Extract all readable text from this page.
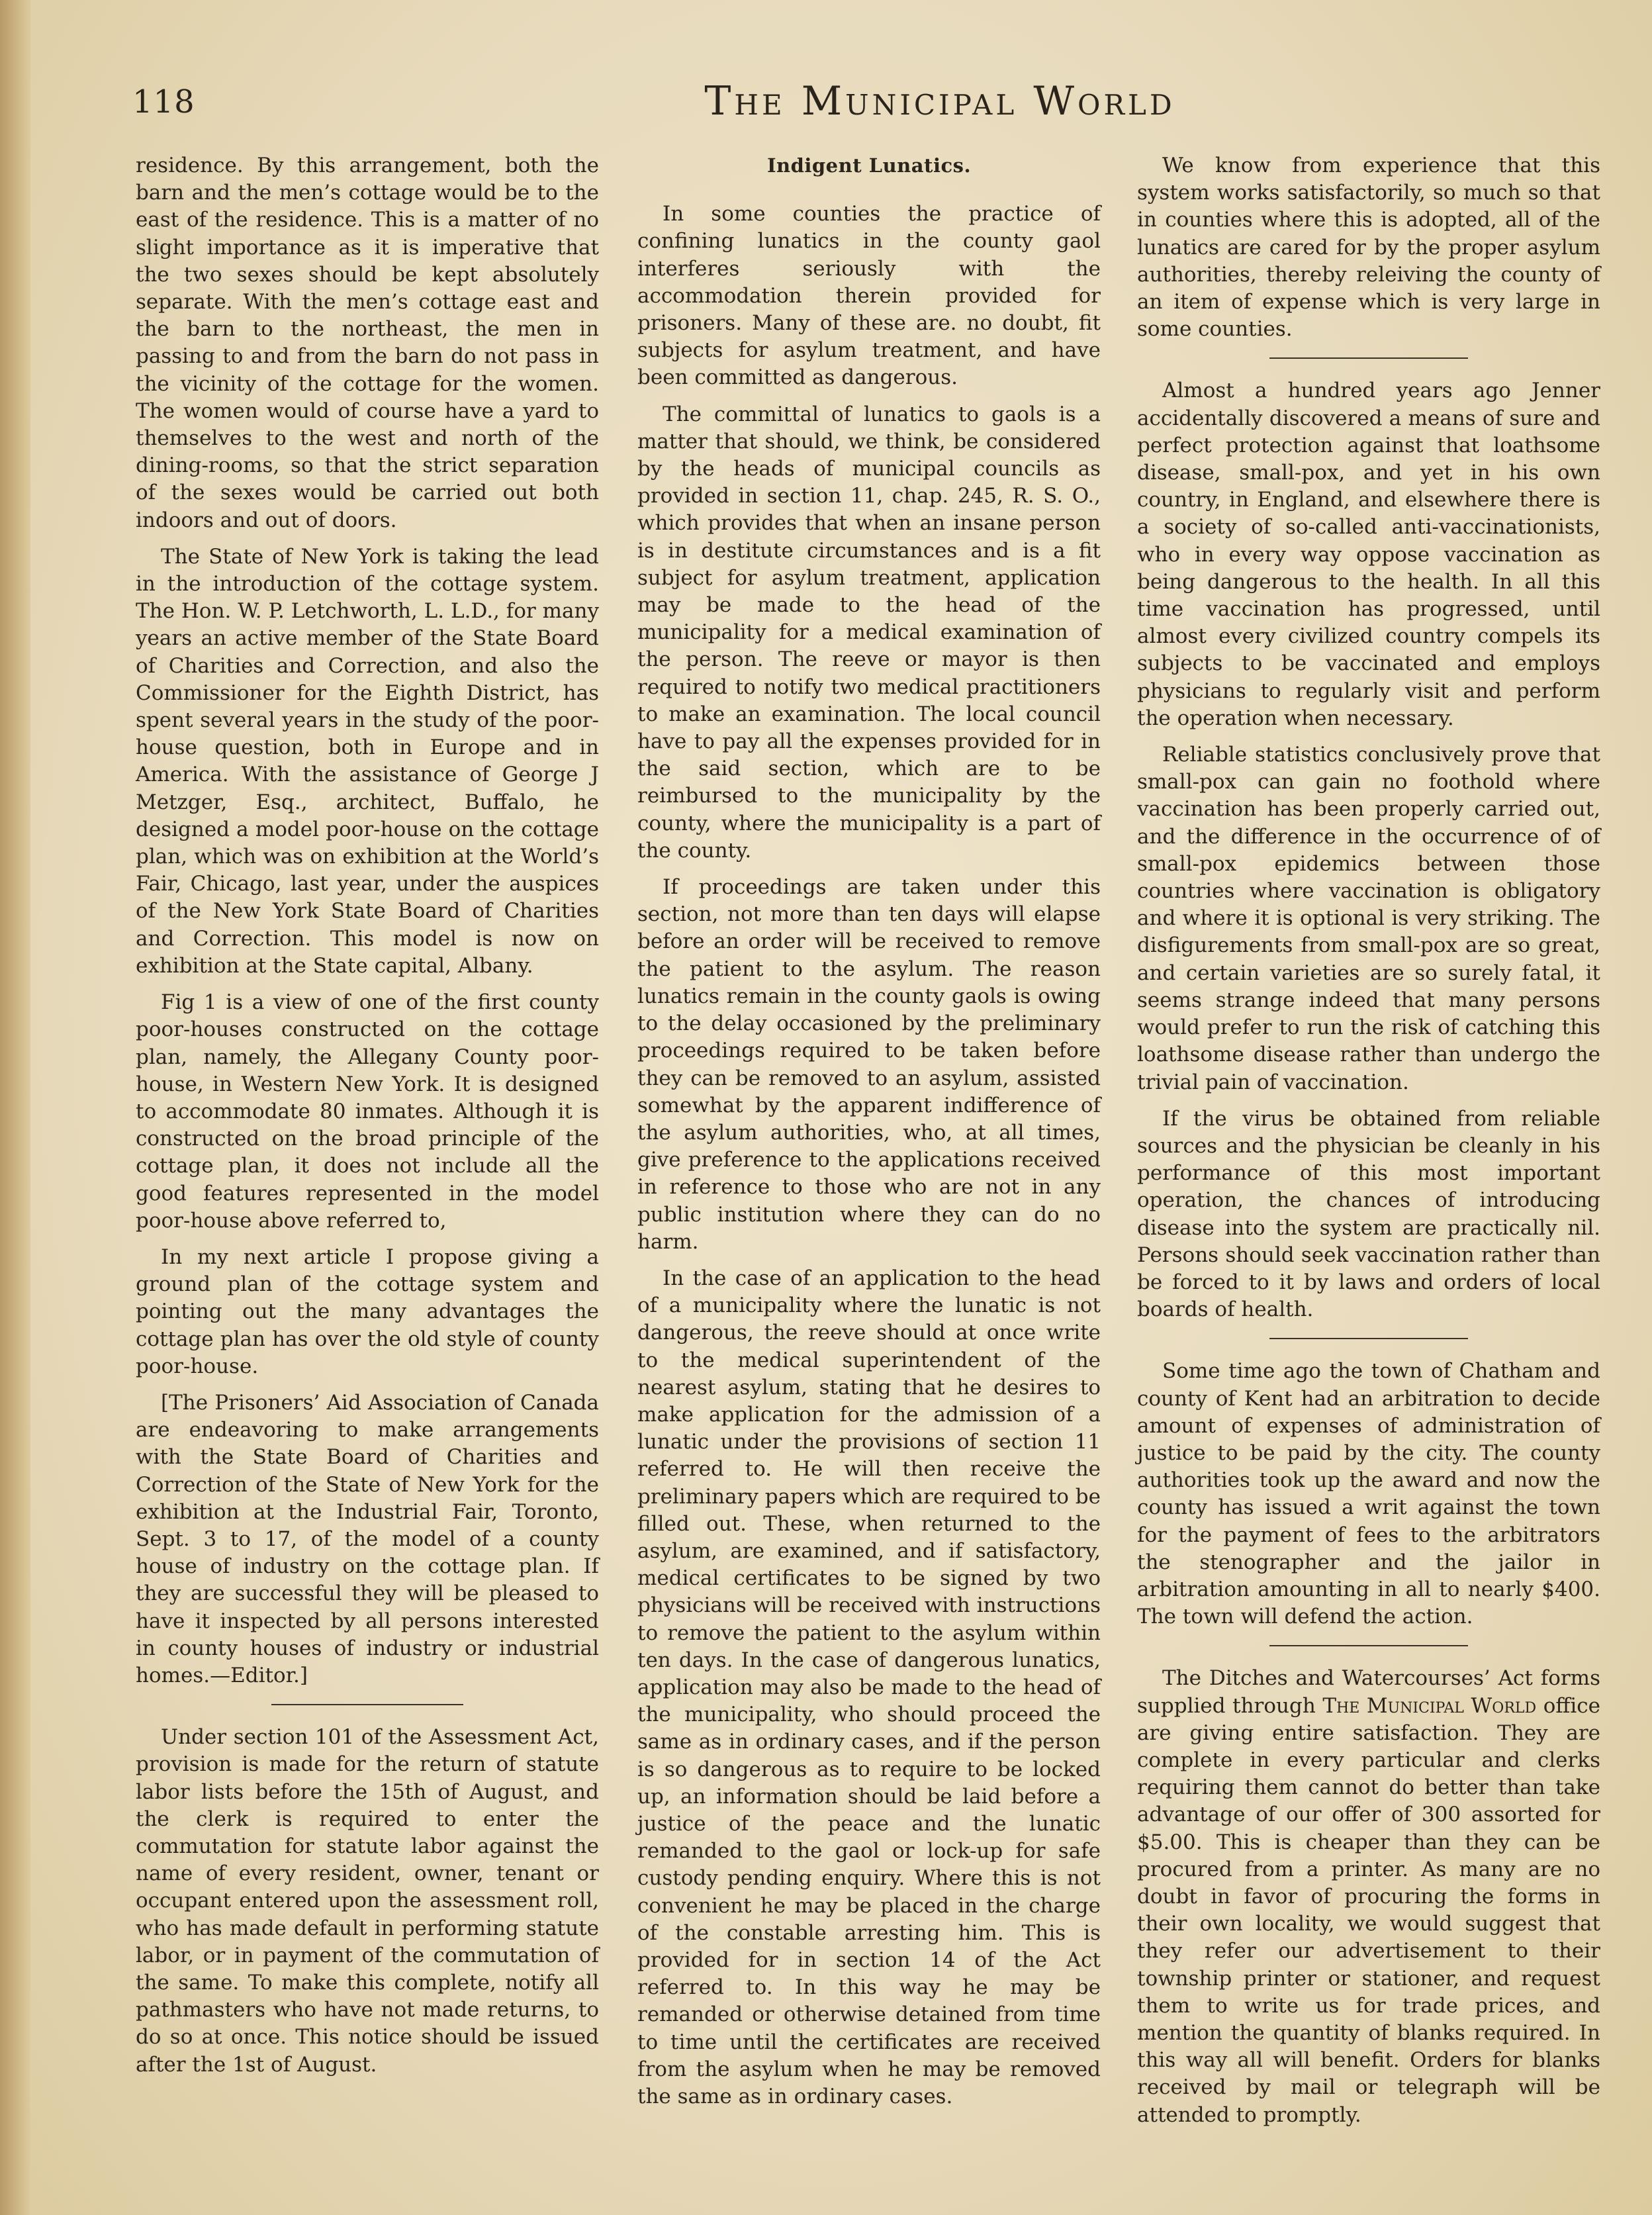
118	The Municipal World

residence. By this arrangement, both the barn and the men’s cottage would be to the east of the residence. This is a matter of no slight importance as it is imperative that the two sexes should be kept absolutely separate. With the men’s cottage east and the barn to the northeast, the men in passing to and from the barn do not pass in the vicinity of the cottage for the women. The women would of course have a yard to themselves to the west and north of the dining-rooms, so that the strict separation of the sexes would be carried out both indoors and out of doors.

The State of New York is taking the lead in the introduction of the cottage system. The Hon. W. P. Letchworth, L. L.D., for many years an active member of the State Board of Charities and Correction, and also the Commissioner for the Eighth District, has spent several years in the study of the poor-house question, both in Europe and in America. With the assistance of George J Metzger, Esq., architect, Buffalo, he designed a model poor-house on the cottage plan, which was on exhibition at the World’s Fair, Chicago, last year, under the auspices of the New York State Board of Charities and Correction. This model is now on exhibition at the State capital, Albany.

Fig 1 is a view of one of the first county poor-houses constructed on the cottage plan, namely, the Allegany County poor-house, in Western New York. It is designed to accommodate 80 inmates. Although it is constructed on the broad principle of the cottage plan, it does not include all the good features represented in the model poor-house above referred to,

In my next article I propose giving a ground plan of the cottage system and pointing out the many advantages the cottage plan has over the old style of county poor-house.

[The Prisoners’ Aid Association of Canada are endeavoring to make arrangements with the State Board of Charities and Correction of the State of New York for the exhibition at the Industrial Fair, Toronto, Sept. 3 to 17, of the model of a county house of industry on the cottage plan. If they are successful they will be pleased to have it inspected by all persons interested in county houses of industry or industrial homes.—Editor.]

Under section 101 of the Assessment Act, provision is made for the return of statute labor lists before the 15th of August, and the clerk is required to enter the commutation for statute labor against the name of every resident, owner, tenant or occupant entered upon the assessment roll, who has made default in performing statute labor, or in payment of the commutation of the same. To make this complete, notify all pathmasters who have not made returns, to do so at once. This notice should be issued after the 1st of August.

Indigent Lunatics.

In some counties the practice of confining lunatics in the county gaol interferes seriously with the accommodation therein provided for prisoners. Many of these are. no doubt, fit subjects for asylum treatment, and have been committed as dangerous.

The committal of lunatics to gaols is a matter that should, we think, be considered by the heads of municipal councils as provided in section 11, chap. 245, R. S. O., which provides that when an insane person is in destitute circumstances and is a fit subject for asylum treatment, application may be made to the head of the municipality for a medical examination of the person. The reeve or mayor is then required to notify two medical practitioners to make an examination. The local council have to pay all the expenses provided for in the said section, which are to be reimbursed to the municipality by the county, where the municipality is a part of the county.

If proceedings are taken under this section, not more than ten days will elapse before an order will be received to remove the patient to the asylum. The reason lunatics remain in the county gaols is owing to the delay occasioned by the preliminary proceedings required to be taken before they can be removed to an asylum, assisted somewhat by the apparent indifference of the asylum authorities, who, at all times, give preference to the applications received in reference to those who are not in any public institution where they can do no harm.

In the case of an application to the head of a municipality where the lunatic is not dangerous, the reeve should at once write to the medical superintendent of the nearest asylum, stating that he desires to make application for the admission of a lunatic under the provisions of section 11 referred to. He will then receive the preliminary papers which are required to be filled out. These, when returned to the asylum, are examined, and if satisfactory, medical certificates to be signed by two physicians will be received with instructions to remove the patient to the asylum within ten days. In the case of dangerous lunatics, application may also be made to the head of the municipality, who should proceed the same as in ordinary cases, and if the person is so dangerous as to require to be locked up, an information should be laid before a justice of the peace and the lunatic remanded to the gaol or lock-up for safe custody pending enquiry. Where this is not convenient he may be placed in the charge of the constable arresting him. This is provided for in section 14 of the Act referred to. In this way he may be remanded or otherwise detained from time to time until the certificates are received from the asylum when he may be removed the same as in ordinary cases.

We know from experience that this system works satisfactorily, so much so that in counties where this is adopted, all of the lunatics are cared for by the proper asylum authorities, thereby releiving the county of an item of expense which is very large in some counties.

Almost a hundred years ago Jenner accidentally discovered a means of sure and perfect protection against that loathsome disease, small-pox, and yet in his own country, in England, and elsewhere there is a society of so-called anti-vaccinationists, who in every way oppose vaccination as being dangerous to the health. In all this time vaccination has progressed, until almost every civilized country compels its subjects to be vaccinated and employs physicians to regularly visit and perform the operation when necessary.

Reliable statistics conclusively prove that small-pox can gain no foothold where vaccination has been properly carried out, and the difference in the occurrence of of small-pox epidemics between those countries where vaccination is obligatory and where it is optional is very striking. The disfigurements from small-pox are so great, and certain varieties are so surely fatal, it seems strange indeed that many persons would prefer to run the risk of catching this loathsome disease rather than undergo the trivial pain of vaccination.

If the virus be obtained from reliable sources and the physician be cleanly in his performance of this most important operation, the chances of introducing disease into the system are practically nil. Persons should seek vaccination rather than be forced to it by laws and orders of local boards of health.

Some time ago the town of Chatham and county of Kent had an arbitration to decide amount of expenses of administration of justice to be paid by the city. The county authorities took up the award and now the county has issued a writ against the town for the payment of fees to the arbitrators the stenographer and the jailor in arbitration amounting in all to nearly $400. The town will defend the action.

The Ditches and Watercourses’ Act forms supplied through The Municipal World office are giving entire satisfaction. They are complete in every particular and clerks requiring them cannot do better than take advantage of our offer of 300 assorted for $5.00. This is cheaper than they can be procured from a printer. As many are no doubt in favor of procuring the forms in their own locality, we would suggest that they refer our advertisement to their township printer or stationer, and request them to write us for trade prices, and mention the quantity of blanks required. In this way all will benefit. Orders for blanks received by mail or telegraph will be attended to promptly.
